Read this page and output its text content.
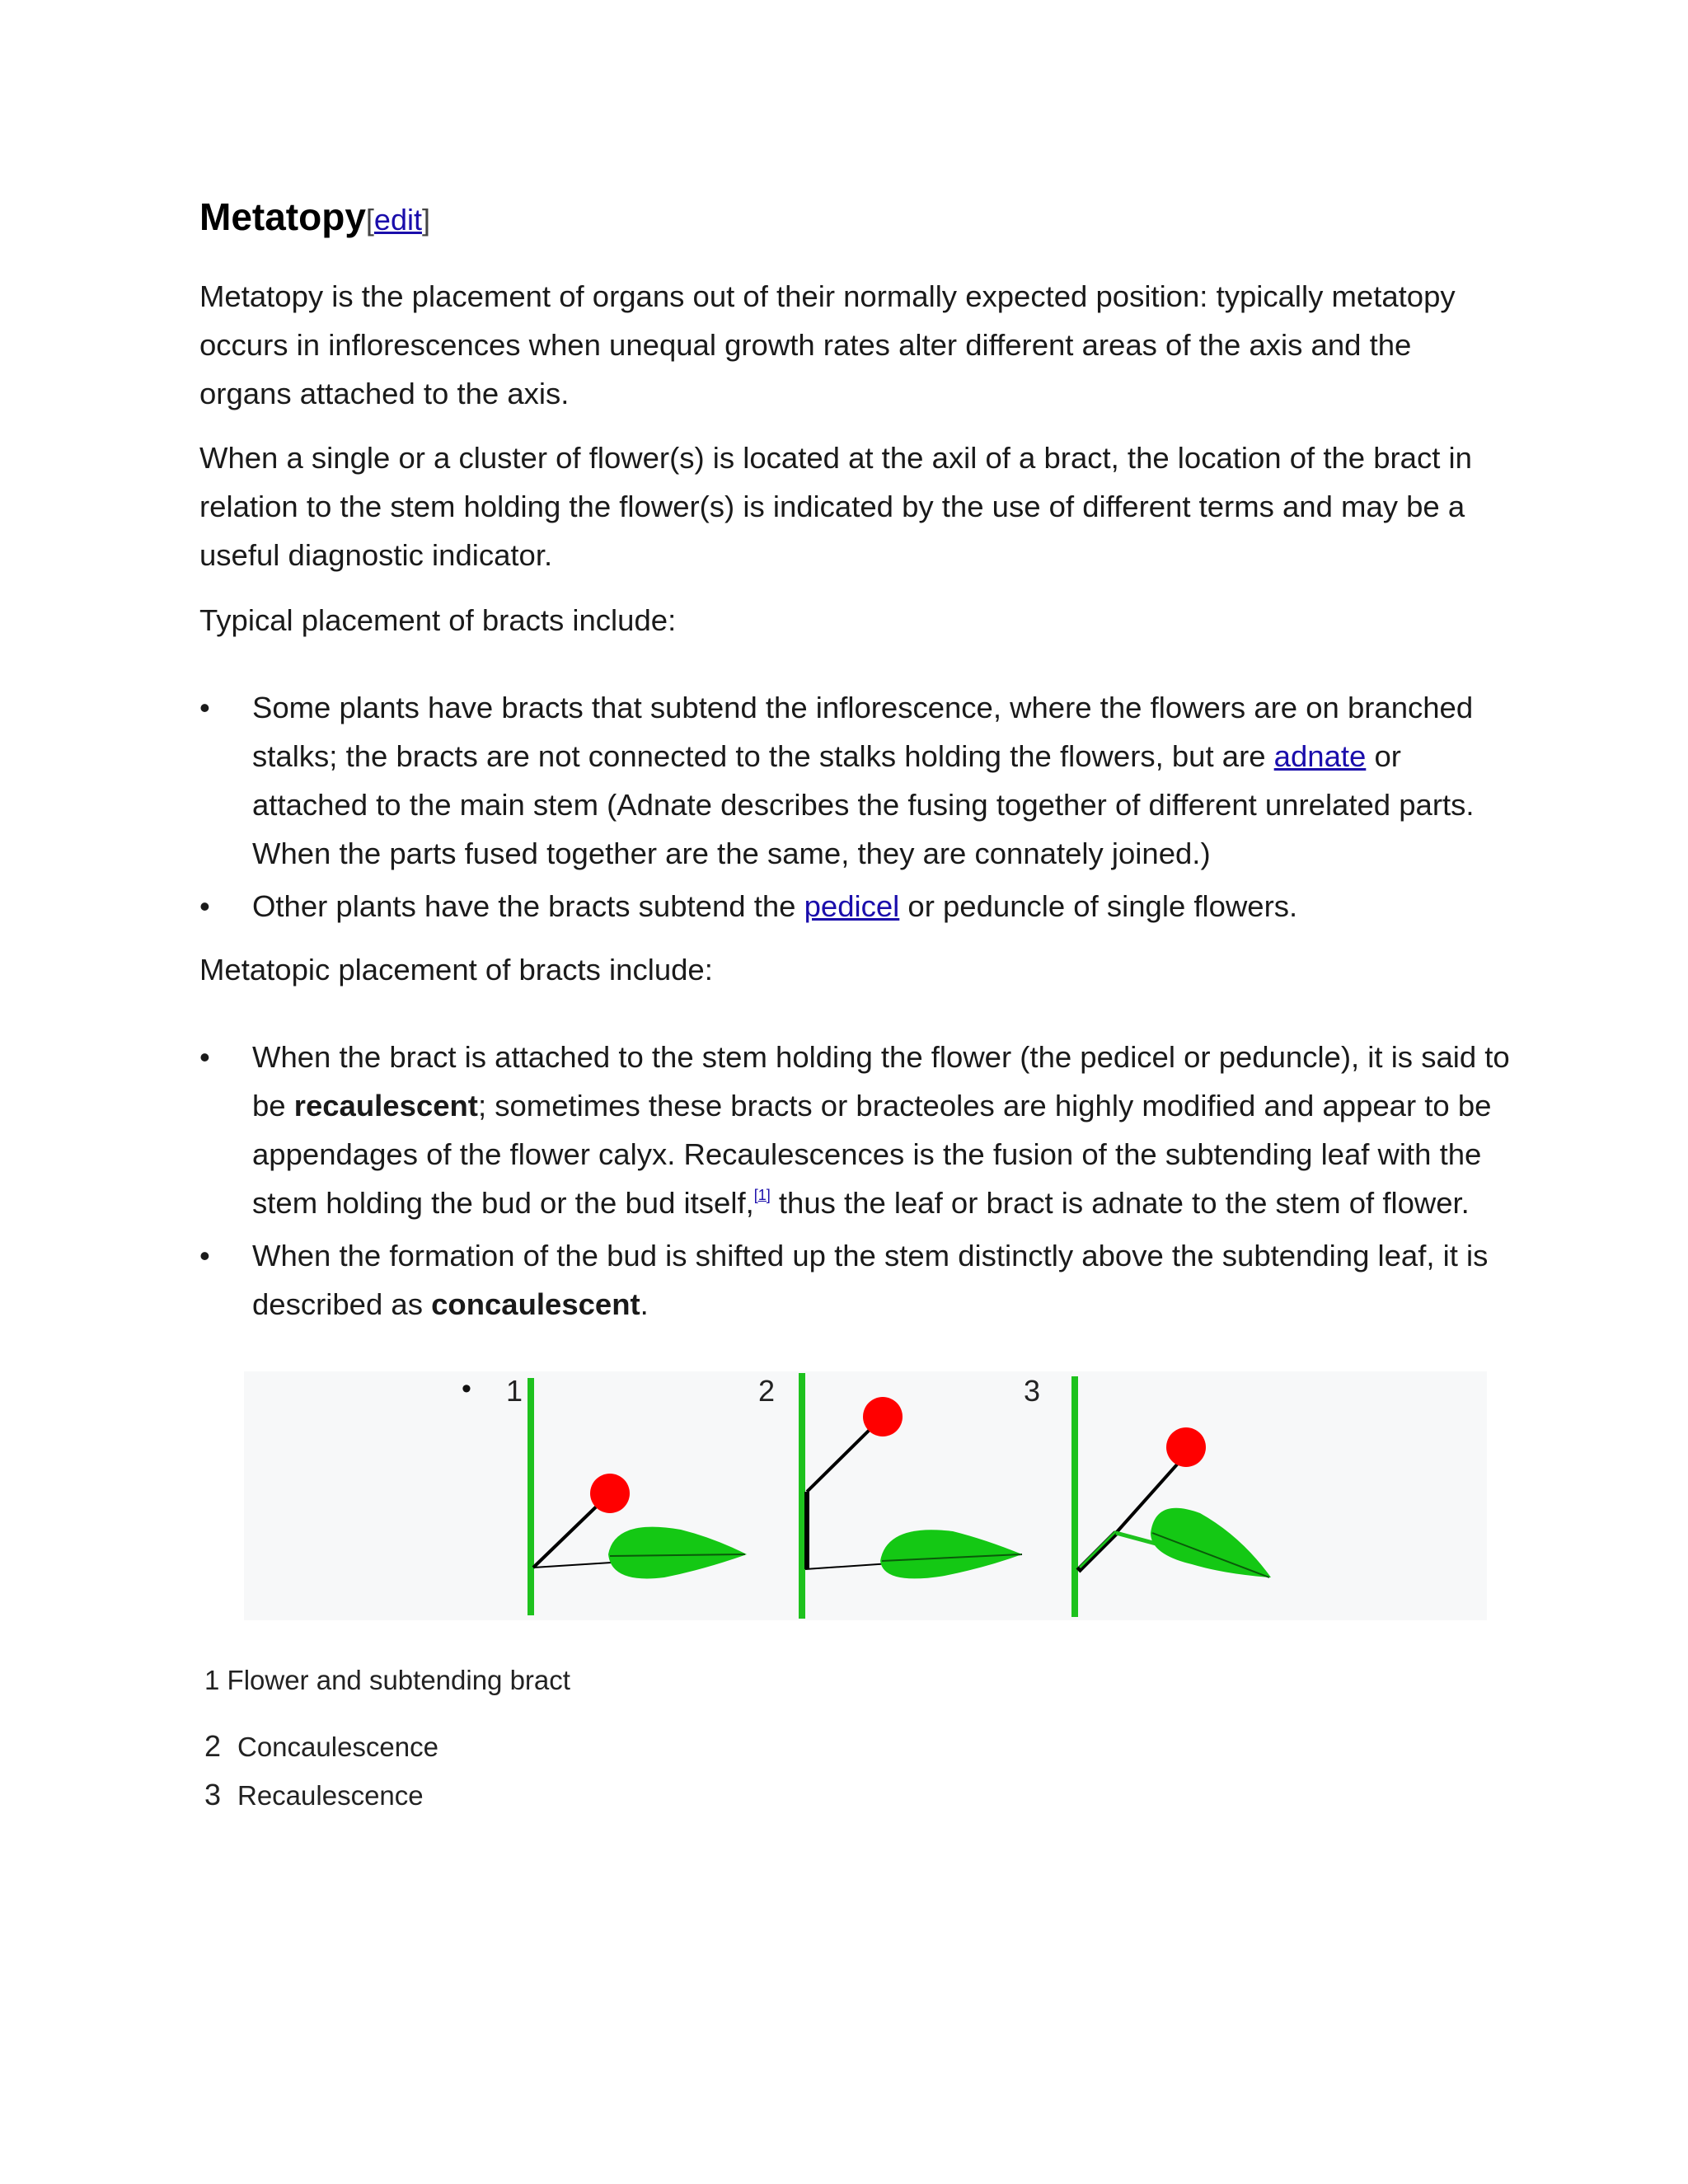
Metatopy[edit]

Metatopy is the placement of organs out of their normally expected position: typically metatopy occurs in inflorescences when unequal growth rates alter different areas of the axis and the organs attached to the axis.

When a single or a cluster of flower(s) is located at the axil of a bract, the location of the bract in relation to the stem holding the flower(s) is indicated by the use of different terms and may be a useful diagnostic indicator.

Typical placement of bracts include:

• Some plants have bracts that subtend the inflorescence, where the flowers are on branched stalks; the bracts are not connected to the stalks holding the flowers, but are adnate or attached to the main stem (Adnate describes the fusing together of different unrelated parts. When the parts fused together are the same, they are connately joined.)
• Other plants have the bracts subtend the pedicel or peduncle of single flowers.

Metatopic placement of bracts include:

• When the bract is attached to the stem holding the flower (the pedicel or peduncle), it is said to be recaulescent; sometimes these bracts or bracteoles are highly modified and appear to be appendages of the flower calyx. Recaulescences is the fusion of the subtending leaf with the stem holding the bud or the bud itself,[1] thus the leaf or bract is adnate to the stem of flower.
• When the formation of the bud is shifted up the stem distinctly above the subtending leaf, it is described as concaulescent.
• 1	2	3
1 Flower and subtending bract
2 Concaulescence
3 Recaulescence
